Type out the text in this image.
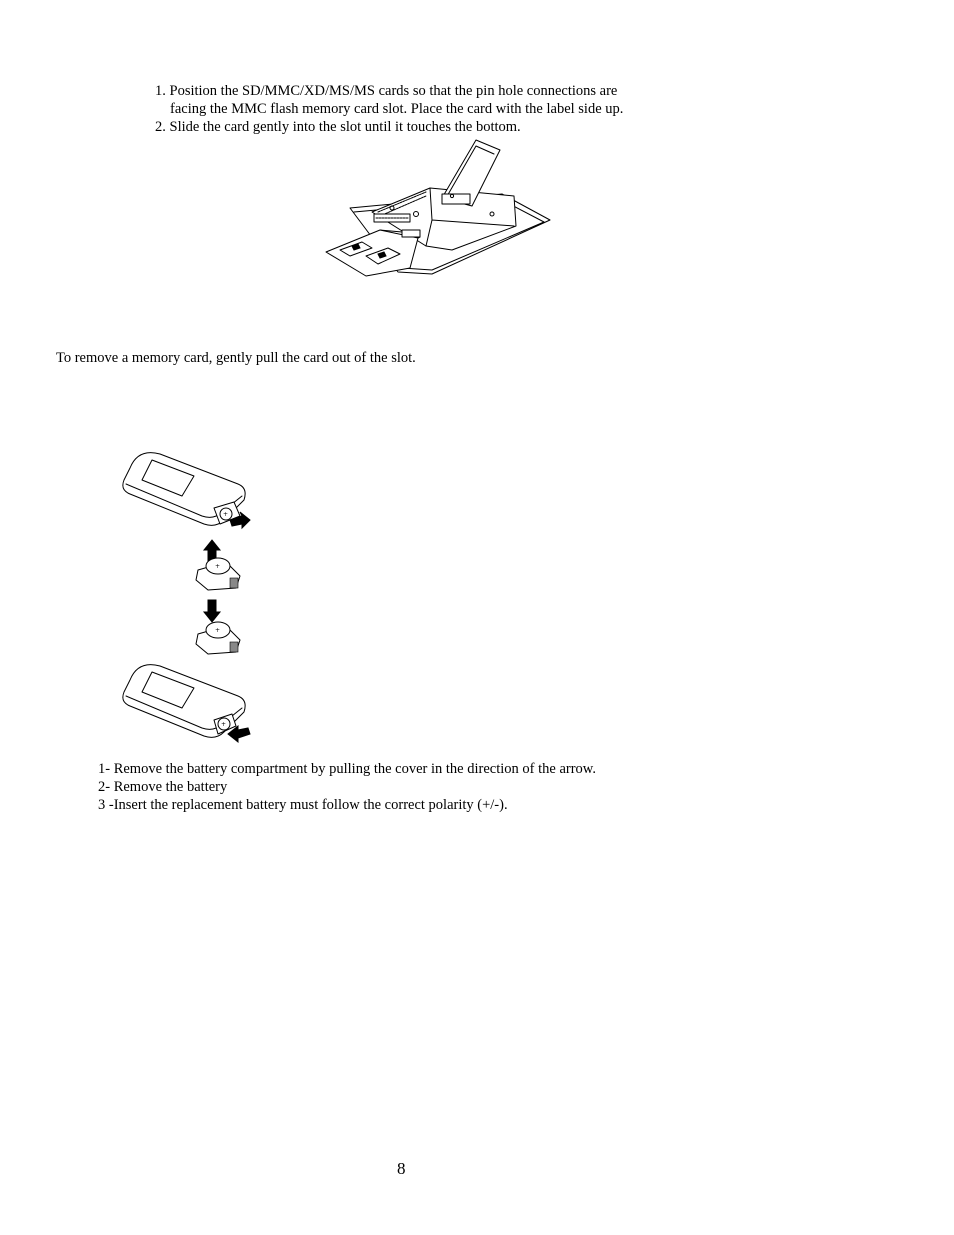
1. Position the SD/MMC/XD/MS/MS cards so that the pin hole connections are
facing the MMC flash memory card slot. Place the card with the label side up.
2. Slide the card gently into the slot until it touches the bottom.
To remove a memory card, gently pull the card out of the slot.
+
+
+
+
1- Remove the battery compartment by pulling the cover in the direction of the arrow.
2- Remove the battery
3 -Insert the replacement battery must follow the correct polarity (+/-).
8
